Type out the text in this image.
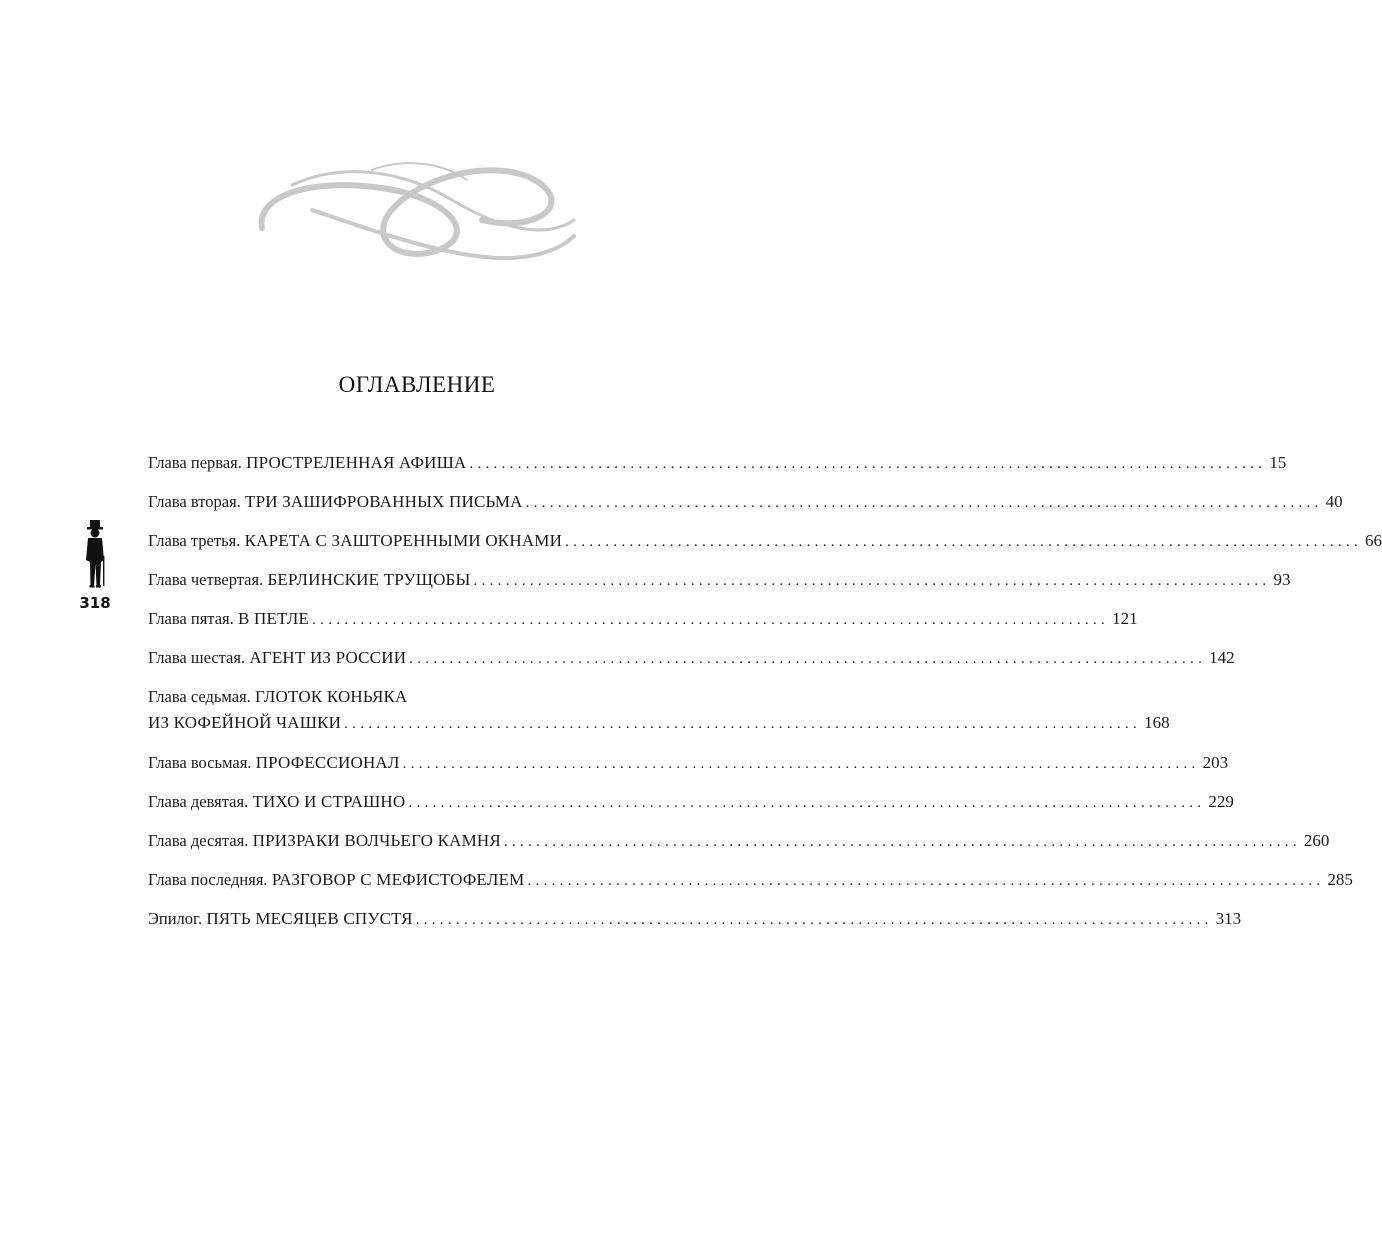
ОГЛАВЛЕНИЕ
Глава первая.
ПРОСТРЕЛЕННАЯ АФИША ................................................................................................... 15
Глава вторая.
ТРИ ЗАШИФРОВАННЫХ ПИСЬМА ................................................................................................... 40
Глава третья.
КАРЕТА С ЗАШТОРЕННЫМИ ОКНАМИ ................................................................................................... 66
Глава четвертая.
БЕРЛИНСКИЕ ТРУЩОБЫ ................................................................................................... 93
Глава пятая.
В ПЕТЛЕ ................................................................................................... 121
Глава шестая.
АГЕНТ ИЗ РОССИИ ................................................................................................... 142
Глава седьмая. ГЛОТОК КОНЬЯКА
ИЗ КОФЕЙНОЙ ЧАШКИ ................................................................................................... 168
Глава восьмая.
ПРОФЕССИОНАЛ ................................................................................................... 203
Глава девятая.
ТИХО И СТРАШНО ................................................................................................... 229
Глава десятая.
ПРИЗРАКИ ВОЛЧЬЕГО КАМНЯ ................................................................................................... 260
Глава последняя.
РАЗГОВОР С МЕФИСТОФЕЛЕМ ................................................................................................... 285
Эпилог.
ПЯТЬ МЕСЯЦЕВ СПУСТЯ ................................................................................................... 313
318
